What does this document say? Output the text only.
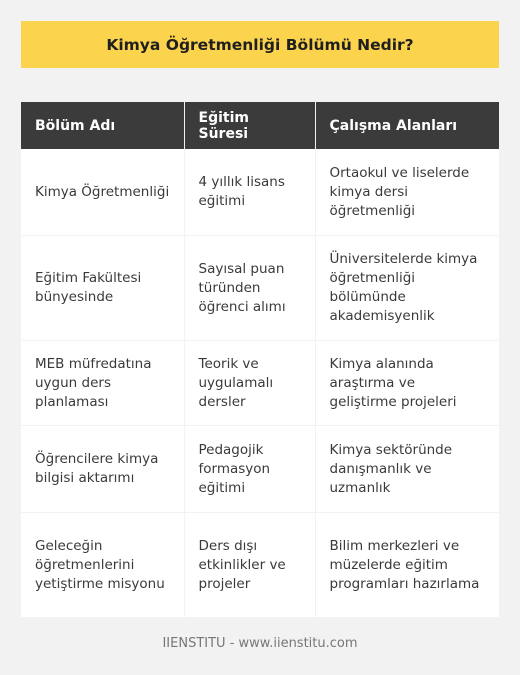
Kimya Öğretmenliği Bölümü Nedir?
Bölüm Adı	Eğitim Süresi	Çalışma Alanları
Kimya Öğretmenliği	4 yıllık lisans eğitimi	Ortaokul ve liselerde kimya dersi öğretmenliği
Eğitim Fakültesi bünyesinde	Sayısal puan türünden öğrenci alımı	Üniversitelerde kimya öğretmenliği bölümünde akademisyenlik
MEB müfredatına uygun ders planlaması	Teorik ve uygulamalı dersler	Kimya alanında araştırma ve geliştirme projeleri
Öğrencilere kimya bilgisi aktarımı	Pedagojik formasyon eğitimi	Kimya sektöründe danışmanlık ve uzmanlık
Geleceğin öğretmenlerini yetiştirme misyonu	Ders dışı etkinlikler ve projeler	Bilim merkezleri ve müzelerde eğitim programları hazırlama
IIENSTITU - www.iienstitu.com
